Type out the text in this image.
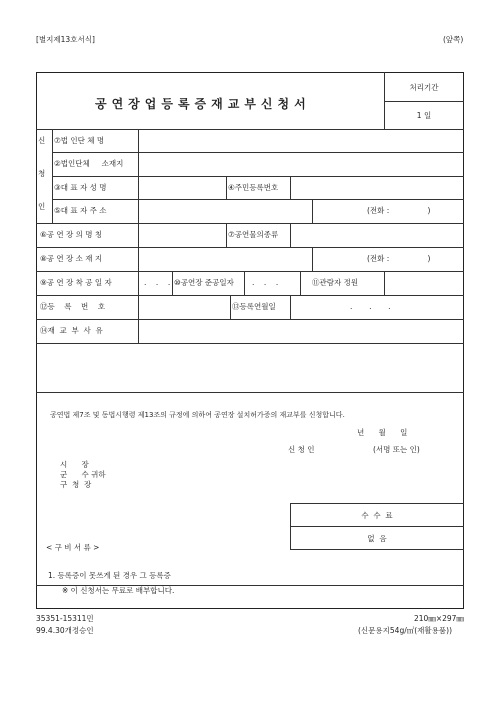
[별지제13호서식]	(앞쪽)
공연장업등록증재교부신청서
처리기간
1 일
신
청
인
⑦법 인단 체 명
②법인단체     소재지
③대 표 자 성 명	④주민등록번호
⑤대 표 자 주 소	(전화 :                )
⑥공 연 장 의 명 칭	⑦공연물의종류
⑧공 연 장 소 재 지	(전화 :                )
⑨공 연 장 착 공 일 자	.    .    . ⑩공연장 준공일자 .    .    .	⑪관람자 정원
⑫등    록    번    호	⑬등록연월일	.       .       .
⑭재  교  부  사  유
공연법 제7조 및 동법시행령 제13조의 규정에 의하여 공연장 설치허가증의 재교부를 신청합니다.
년      월      일
신 청 인	(서명 또는 인)
시      장
군      수 귀하
구  청  장
수  수  료
없  음
< 구 비 서 류 >
1. 등록증이 못쓰게 된 경우 그 등록증
※ 이 신청서는 무료로 배부합니다.
35351-15311민
99.4.30개정승인
210㎜×297㎜
(신문용지54g/㎡(재활용품))
